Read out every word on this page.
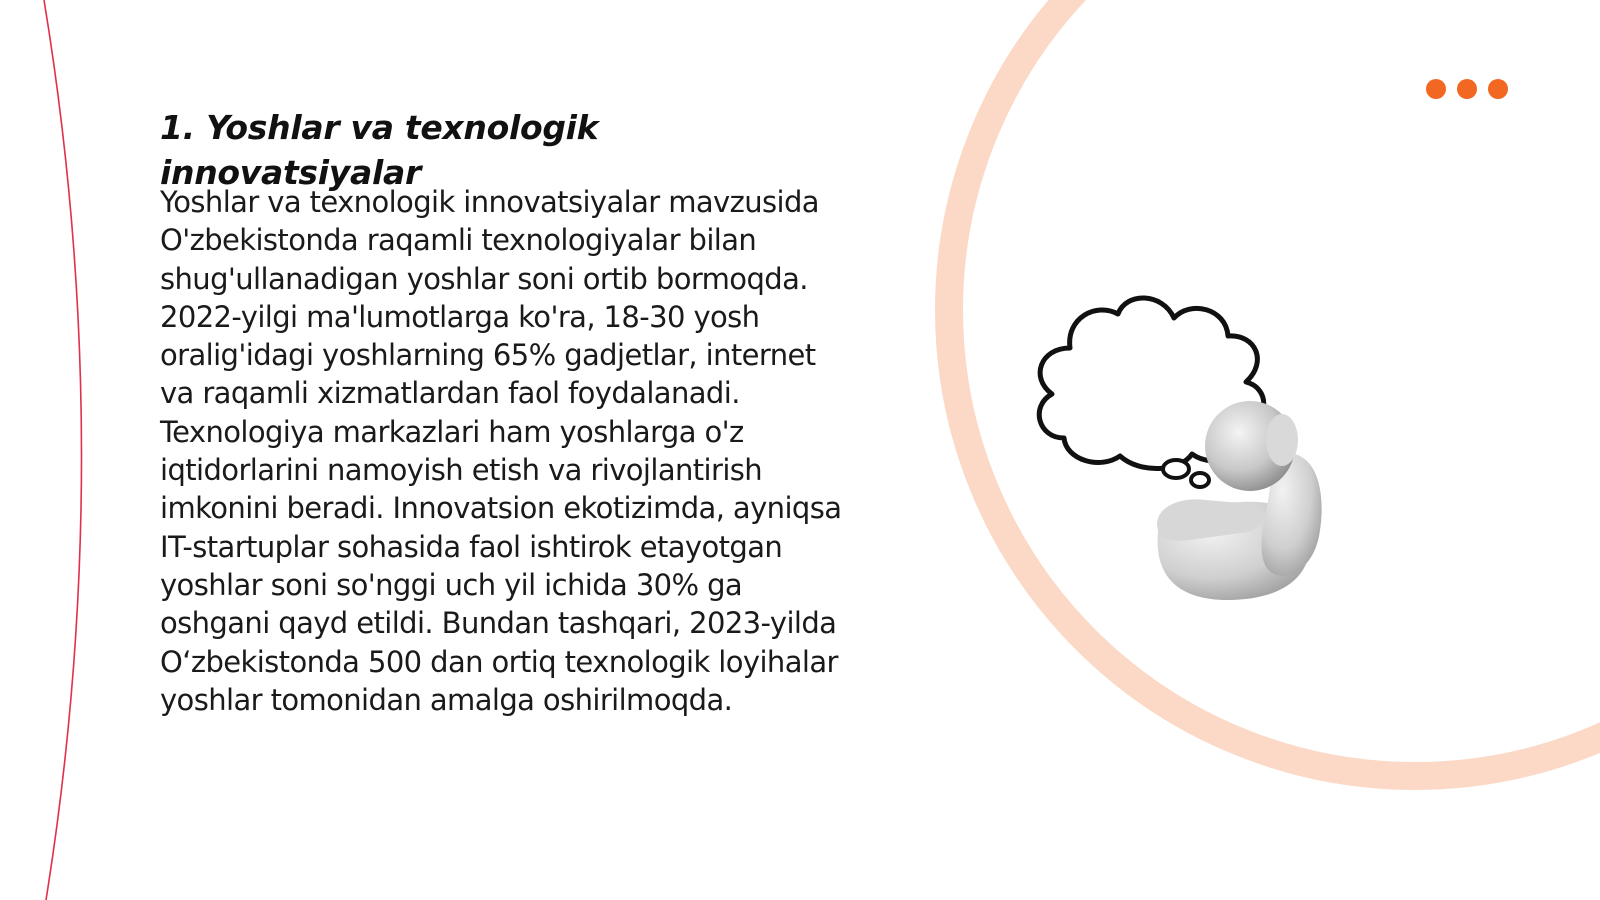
1. Yoshlar va texnologik innovatsiyalar

Yoshlar va texnologik innovatsiyalar mavzusida O'zbekistonda raqamli texnologiyalar bilan shug'ullanadigan yoshlar soni ortib bormoqda. 2022-yilgi ma'lumotlarga ko'ra, 18-30 yosh oralig'idagi yoshlarning 65% gadjetlar, internet va raqamli xizmatlardan faol foydalanadi. Texnologiya markazlari ham yoshlarga o'z iqtidorlarini namoyish etish va rivojlantirish imkonini beradi. Innovatsion ekotizimda, ayniqsa IT-startuplar sohasida faol ishtirok etayotgan yoshlar soni so'nggi uch yil ichida 30% ga oshgani qayd etildi. Bundan tashqari, 2023-yilda O‘zbekistonda 500 dan ortiq texnologik loyihalar yoshlar tomonidan amalga oshirilmoqda.
